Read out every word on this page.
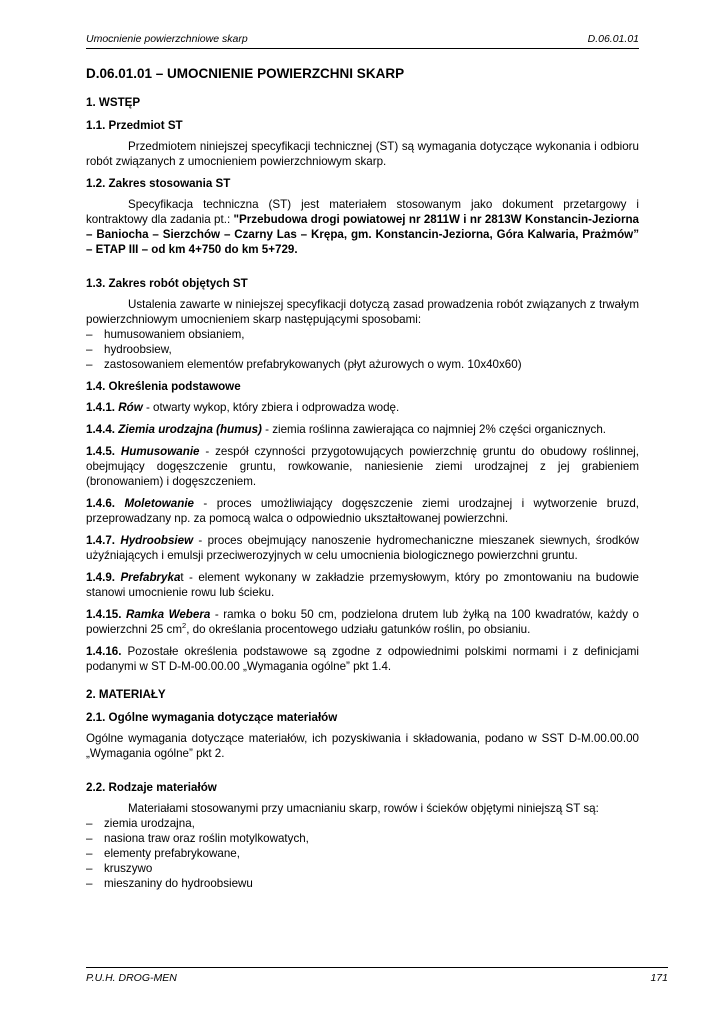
Umocnienie powierzchniowe skarp	D.06.01.01
D.06.01.01 – UMOCNIENIE POWIERZCHNI SKARP
1. WSTĘP
1.1. Przedmiot ST

Przedmiotem niniejszej specyfikacji technicznej (ST) są wymagania dotyczące wykonania i odbioru robót związanych z umocnieniem powierzchniowym skarp.

1.2. Zakres stosowania ST

Specyfikacja techniczna (ST) jest materiałem stosowanym jako dokument przetargowy i kontraktowy dla zadania pt.: "Przebudowa drogi powiatowej nr 2811W i nr 2813W Konstancin-Jeziorna – Baniocha – Sierzchów – Czarny Las – Krępa, gm. Konstancin-Jeziorna, Góra Kalwaria, Prażmów” – ETAP III – od km 4+750 do km 5+729.

1.3. Zakres robót objętych ST

Ustalenia zawarte w niniejszej specyfikacji dotyczą zasad prowadzenia robót związanych z trwałym powierzchniowym umocnieniem skarp następującymi sposobami:

– humusowaniem obsianiem,
– hydroobsiew,
– zastosowaniem elementów prefabrykowanych (płyt ażurowych o wym. 10x40x60)
1.4. Określenia podstawowe

1.4.1. Rów - otwarty wykop, który zbiera i odprowadza wodę.

1.4.4. Ziemia urodzajna (humus) - ziemia roślinna zawierająca co najmniej 2% części organicznych.

1.4.5. Humusowanie - zespół czynności przygotowujących powierzchnię gruntu do obudowy roślinnej, obejmujący dogęszczenie gruntu, rowkowanie, naniesienie ziemi urodzajnej z jej grabieniem (bronowaniem) i dogęszczeniem.

1.4.6. Moletowanie - proces umożliwiający dogęszczenie ziemi urodzajnej i wytworzenie bruzd, przeprowadzany np. za pomocą walca o odpowiednio ukształtowanej powierzchni.

1.4.7. Hydroobsiew - proces obejmujący nanoszenie hydromechaniczne mieszanek siewnych, środków użyźniających i emulsji przeciwerozyjnych w celu umocnienia biologicznego powierzchni gruntu.

1.4.9. Prefabrykat - element wykonany w zakładzie przemysłowym, który po zmontowaniu na budowie stanowi umocnienie rowu lub ścieku.

1.4.15. Ramka Webera - ramka o boku 50 cm, podzielona drutem lub żyłką na 100 kwadratów, każdy o powierzchni 25 $cm^2$, do określania procentowego udziału gatunków roślin, po obsianiu.

1.4.16. Pozostałe określenia podstawowe są zgodne z odpowiednimi polskimi normami i z definicjami podanymi w ST D-M-00.00.00 „Wymagania ogólne” pkt 1.4.

2. MATERIAŁY
2.1. Ogólne wymagania dotyczące materiałów

Ogólne wymagania dotyczące materiałów, ich pozyskiwania i składowania, podano w SST D-M.00.00.00 „Wymagania ogólne” pkt 2.

2.2. Rodzaje materiałów

Materiałami stosowanymi przy umacnianiu skarp, rowów i ścieków objętymi niniejszą ST są:

– ziemia urodzajna,
– nasiona traw oraz roślin motylkowatych,
– elementy prefabrykowane,
– kruszywo
– mieszaniny do hydroobsiewu
P.U.H. DROG-MEN	171
